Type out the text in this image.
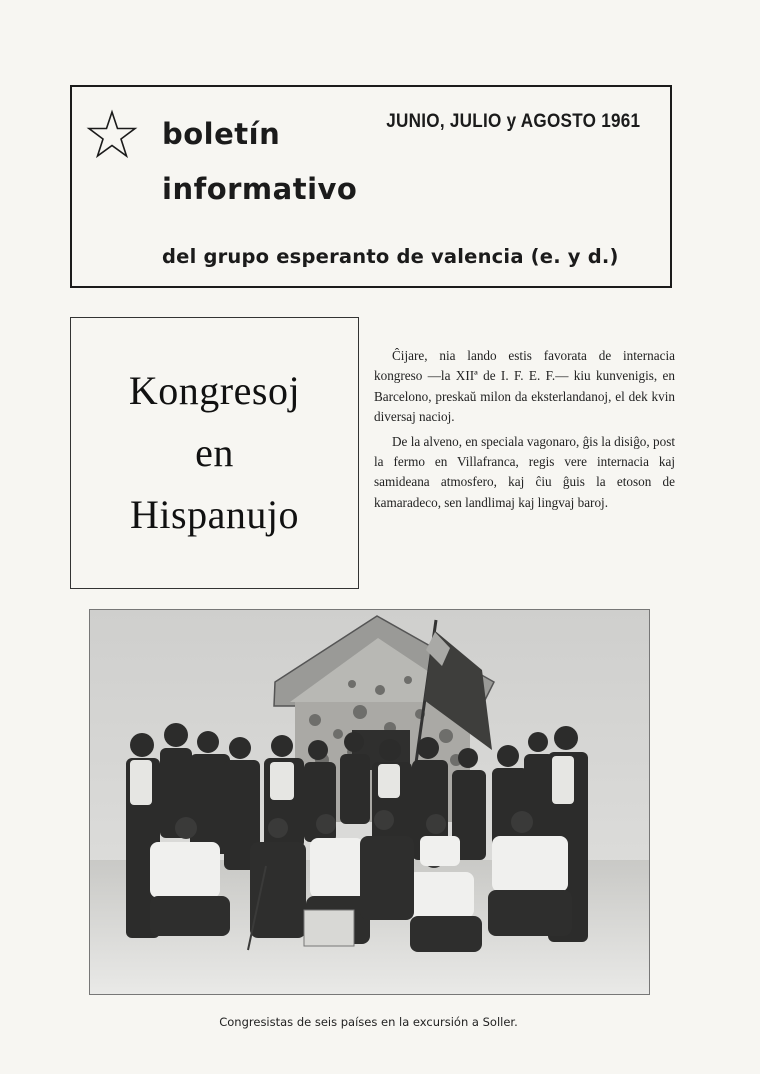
boletín
informativo
JUNIO, JULIO y AGOSTO 1961
del grupo esperanto de valencia (e. y d.)
Kongresoj
en
Hispanujo

Ĉijare, nia lando estis favorata de internacia kongreso —la XIIª de I. F. E. F.— kiu kunvenigis, en Barcelono, preskaŭ milon da eksterlandanoj, el dek kvin diversaj nacioj.

De la alveno, en speciala vagonaro, ĝis la disiĝo, post la fermo en Villafranca, regis vere internacia kaj samideana atmosfero, kaj ĉiu ĝuis la etoson de kamaradeco, sen landlimaj kaj lingvaj baroj.

Congresistas de seis países en la excursión a Soller.
